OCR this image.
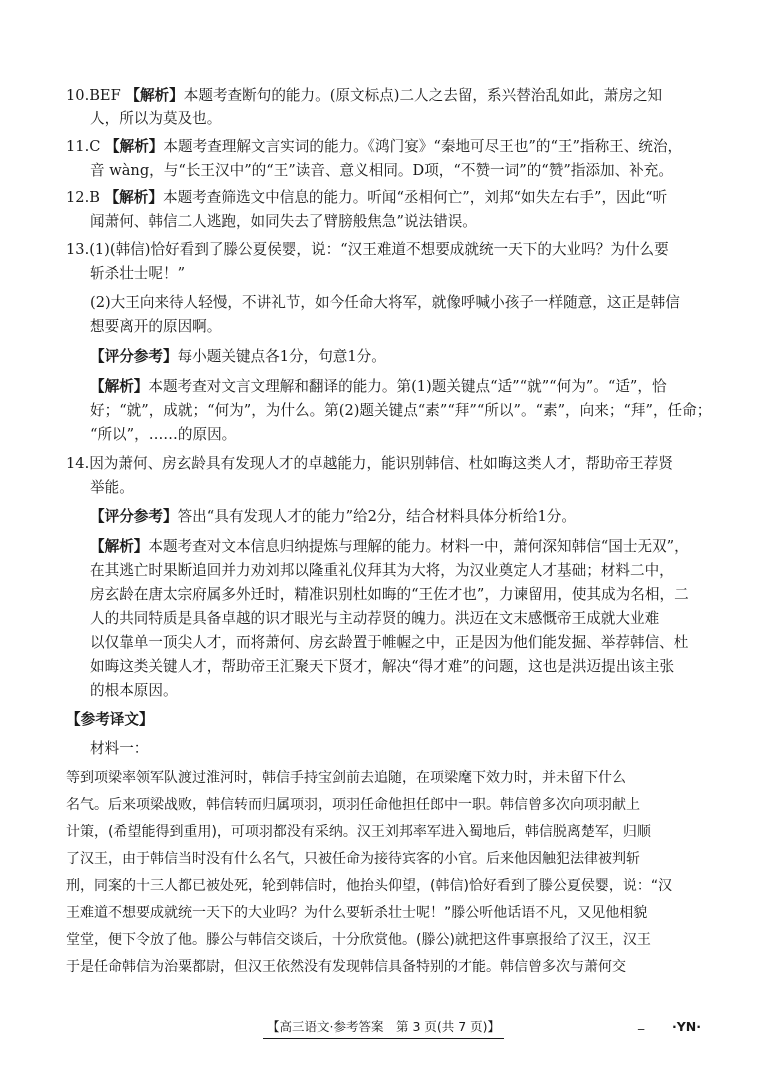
10.BEF 【解析】本题考查断句的能力。(原文标点)二人之去留，系兴替治乱如此，萧房之知
人，所以为莫及也。
11.C 【解析】本题考查理解文言实词的能力。《鸿门宴》“秦地可尽王也”的“王”指称王、统治，
音 wàng，与“长王汉中”的“王”读音、意义相同。D项，“不赞一词”的“赞”指添加、补充。
12.B 【解析】本题考查筛选文中信息的能力。听闻“丞相何亡”，刘邦“如失左右手”，因此“听
闻萧何、韩信二人逃跑，如同失去了臂膀般焦急”说法错误。
13.(1)(韩信)恰好看到了滕公夏侯婴，说：“汉王难道不想要成就统一天下的大业吗？为什么要
斩杀壮士呢！”
(2)大王向来待人轻慢，不讲礼节，如今任命大将军，就像呼喊小孩子一样随意，这正是韩信
想要离开的原因啊。
【评分参考】每小题关键点各1分，句意1分。
【解析】本题考查对文言文理解和翻译的能力。第(1)题关键点“适”“就”“何为”。“适”，恰
好；“就”，成就；“何为”，为什么。第(2)题关键点“素”“拜”“所以”。“素”，向来；“拜”，任命；
“所以”，……的原因。
14.因为萧何、房玄龄具有发现人才的卓越能力，能识别韩信、杜如晦这类人才，帮助帝王荐贤
举能。
【评分参考】答出“具有发现人才的能力”给2分，结合材料具体分析给1分。
【解析】本题考查对文本信息归纳提炼与理解的能力。材料一中，萧何深知韩信“国士无双”，
在其逃亡时果断追回并力劝刘邦以隆重礼仪拜其为大将，为汉业奠定人才基础；材料二中，
房玄龄在唐太宗府属多外迁时，精准识别杜如晦的“王佐才也”，力谏留用，使其成为名相，二
人的共同特质是具备卓越的识才眼光与主动荐贤的魄力。洪迈在文末感慨帝王成就大业难
以仅靠单一顶尖人才，而将萧何、房玄龄置于帷幄之中，正是因为他们能发掘、举荐韩信、杜
如晦这类关键人才，帮助帝王汇聚天下贤才，解决“得才难”的问题，这也是洪迈提出该主张
的根本原因。
【参考译文】
材料一：
等到项梁率领军队渡过淮河时，韩信手持宝剑前去追随，在项梁麾下效力时，并未留下什么
名气。后来项梁战败，韩信转而归属项羽，项羽任命他担任郎中一职。韩信曾多次向项羽献上
计策，(希望能得到重用)，可项羽都没有采纳。汉王刘邦率军进入蜀地后，韩信脱离楚军，归顺
了汉王，由于韩信当时没有什么名气，只被任命为接待宾客的小官。后来他因触犯法律被判斩
刑，同案的十三人都已被处死，轮到韩信时，他抬头仰望，(韩信)恰好看到了滕公夏侯婴，说：“汉
王难道不想要成就统一天下的大业吗？为什么要斩杀壮士呢！”滕公听他话语不凡，又见他相貌
堂堂，便下令放了他。滕公与韩信交谈后，十分欣赏他。(滕公)就把这件事禀报给了汉王，汉王
于是任命韩信为治粟都尉，但汉王依然没有发现韩信具备特别的才能。韩信曾多次与萧何交
【高三语文·参考答案　第 3 页(共 7 页)】	_ ·YN·
